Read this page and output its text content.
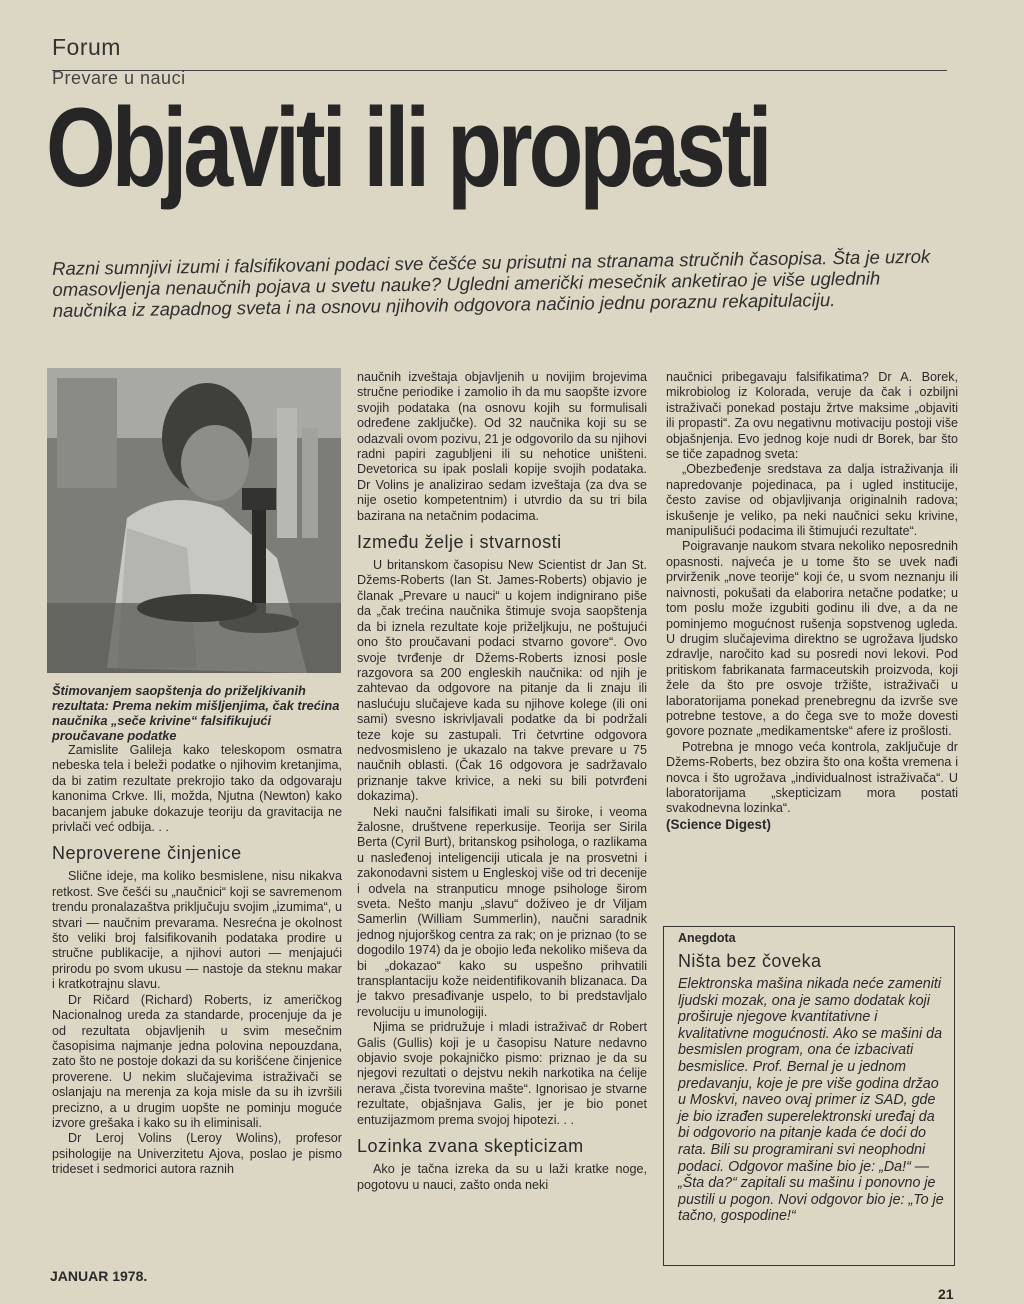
Forum
Prevare u nauci
Objaviti ili propasti
Razni sumnjivi izumi i falsifikovani podaci sve češće su prisutni na stranama stručnih časopisa. Šta je uzrok omasovljenja nenaučnih pojava u svetu nauke? Ugledni američki mesečnik anketirao je više uglednih naučnika iz zapadnog sveta i na osnovu njihovih odgovora načinio jednu poraznu rekapitulaciju.

Štimovanjem saopštenja do priželjkivanih rezultata: Prema nekim mišljenjima, čak trećina naučnika „seče krivine“ falsifikujući proučavane podatke

Zamislite Galileja kako teleskopom osmatra nebeska tela i beleži podatke o njihovim kretanjima, da bi zatim rezultate prekrojio tako da odgovaraju kanonima Crkve. Ili, možda, Njutna (Newton) kako bacanjem jabuke dokazuje teoriju da gravitacija ne privlači već odbija. . .

Neproverene činjenice

Slične ideje, ma koliko besmislene, nisu nikakva retkost. Sve češći su „naučnici“ koji se savremenom trendu pronalazaštva priključuju svojim „izumima“, u stvari — naučnim prevarama. Nesrećna je okolnost što veliki broj falsifikovanih podataka prodire u stručne publikacije, a njihovi autori — menjajući prirodu po svom ukusu — nastoje da steknu makar i kratkotrajnu slavu.

Dr Ričard (Richard) Roberts, iz američkog Nacionalnog ureda za standarde, procenjuje da je od rezultata objavljenih u svim mesečnim časopisima najmanje jedna polovina nepouzdana, zato što ne postoje dokazi da su korišćene činjenice proverene. U nekim slučajevima istraživači se oslanjaju na merenja za koja misle da su ih izvršili precizno, a u drugim uopšte ne pominju moguće izvore grešaka i kako su ih eliminisali.

Dr Leroj Volins (Leroy Wolins), profesor psihologije na Univerzitetu Ajova, poslao je pismo trideset i sedmorici autora raznih

naučnih izveštaja objavljenih u novijim brojevima stručne periodike i zamolio ih da mu saopšte izvore svojih podataka (na osnovu kojih su formulisali određene zaključke). Od 32 naučnika koji su se odazvali ovom pozivu, 21 je odgovorilo da su njihovi radni papiri zagubljeni ili su nehotice uništeni. Devetorica su ipak poslali kopije svojih podataka. Dr Volins je analizirao sedam izveštaja (za dva se nije osetio kompetentnim) i utvrdio da su tri bila bazirana na netačnim podacima.

Između želje i stvarnosti

U britanskom časopisu New Scientist dr Jan St. Džems-Roberts (Ian St. James-Roberts) objavio je članak „Prevare u nauci“ u kojem indignirano piše da „čak trećina naučnika štimuje svoja saopštenja da bi iznela rezultate koje priželjkuju, ne poštujući ono što proučavani podaci stvarno govore“. Ovo svoje tvrđenje dr Džems-Roberts iznosi posle razgovora sa 200 engleskih naučnika: od njih je zahtevao da odgovore na pitanje da li znaju ili naslućuju slučajeve kada su njihove kolege (ili oni sami) svesno iskrivljavali podatke da bi podržali teze koje su zastupali. Tri četvrtine odgovora nedvosmisleno je ukazalo na takve prevare u 75 naučnih oblasti. (Čak 16 odgovora je sadržavalo priznanje takve krivice, a neki su bili potvrđeni dokazima).

Neki naučni falsifikati imali su široke, i veoma žalosne, društvene reperkusije. Teorija ser Sirila Berta (Cyril Burt), britanskog psihologa, o razlikama u naslеđenoj inteligenciji uticala je na prosvetni i zakonodavni sistem u Engleskoj više od tri decenije i odvela na stranputicu mnoge psihologe širom sveta. Nešto manju „slavu“ doživeo je dr Viljam Samerlin (William Summerlin), naučni saradnik jednog njujorškog centra za rak; on je priznao (to se dogodilo 1974) da je obojio leđa nekoliko miševa da bi „dokazao“ kako su uspešno prihvatili transplantaciju kože neidentifikovanih blizanaca. Da je takvo presađivanje uspelo, to bi predstavljalo revoluciju u imunologiji.

Njima se pridružuje i mladi istraživač dr Robert Galis (Gullis) koji je u časopisu Nature nedavno objavio svoje pokajničko pismo: priznao je da su njegovi rezultati o dejstvu nekih narkotika na ćelije nerava „čista tvorevina mašte“. Ignorisao je stvarne rezultate, objašnjava Galis, jer je bio ponet entuzijazmom prema svojoj hipotezi. . .

Lozinka zvana skepticizam

Ako je tačna izreka da su u laži kratke noge, pogotovu u nauci, zašto onda neki

naučnici pribegavaju falsifikatima? Dr A. Borek, mikrobiolog iz Kolorada, veruje da čak i ozbiljni istraživači ponekad postaju žrtve maksime „objaviti ili propasti“. Za ovu negativnu motivaciju postoji više objašnjenja. Evo jednog koje nudi dr Borek, bar što se tiče zapadnog sveta:

„Obezbeđenje sredstava za dalja istraživanja ili napredovanje pojedinaca, pa i ugled institucije, često zavise od objavljivanja originalnih radova; iskušenje je veliko, pa neki naučnici seku krivine, manipulišući podacima ili štimujući rezultate“.

Poigravanje naukom stvara nekoliko neposrednih opasnosti. najveća je u tome što se uvek nađi prvirženik „nove teorije“ koji će, u svom neznanju ili naivnosti, pokušati da elaborira netačne podatke; u tom poslu može izgubiti godinu ili dve, a da ne pominjemo mogućnost rušenja sopstvenog ugleda. U drugim slučajevima direktno se ugrožava ljudsko zdravlje, naročito kad su posredi novi lekovi. Pod pritiskom fabrikanata farmaceutskih proizvoda, koji žele da što pre osvoje tržište, istraživači u laboratorijama ponekad prenebregnu da izvrše sve potrebne testove, a do čega sve to može dovesti govore poznate „medikamentske“ afere iz prošlosti.

Potrebna je mnogo veća kontrola, zaključuje dr Džems-Roberts, bez obzira što ona košta vremena i novca i što ugrožava „individualnost istraživača“. U laboratorijama „skepticizam mora postati svakodnevna lozinka“.

(Science Digest)

Anegdota
Ništa bez čoveka
Elektronska mašina nikada neće zameniti ljudski mozak, ona je samo dodatak koji proširuje njegove kvantitativne i kvalitativne mogućnosti. Ako se mašini da besmislen program, ona će izbacivati besmislice. Prof. Bernal je u jednom predavanju, koje je pre više godina držao u Moskvi, naveo ovaj primer iz SAD, gde je bio izrađen superelektronski uređaj da bi odgovorio na pitanje kada će doći do rata. Bili su programirani svi neophodni podaci. Odgovor mašine bio je: „Da!“ — „Šta da?“ zapitali su mašinu i ponovno je pustili u pogon. Novi odgovor bio je: „To je tačno, gospodine!“
JANUAR 1978.
21
